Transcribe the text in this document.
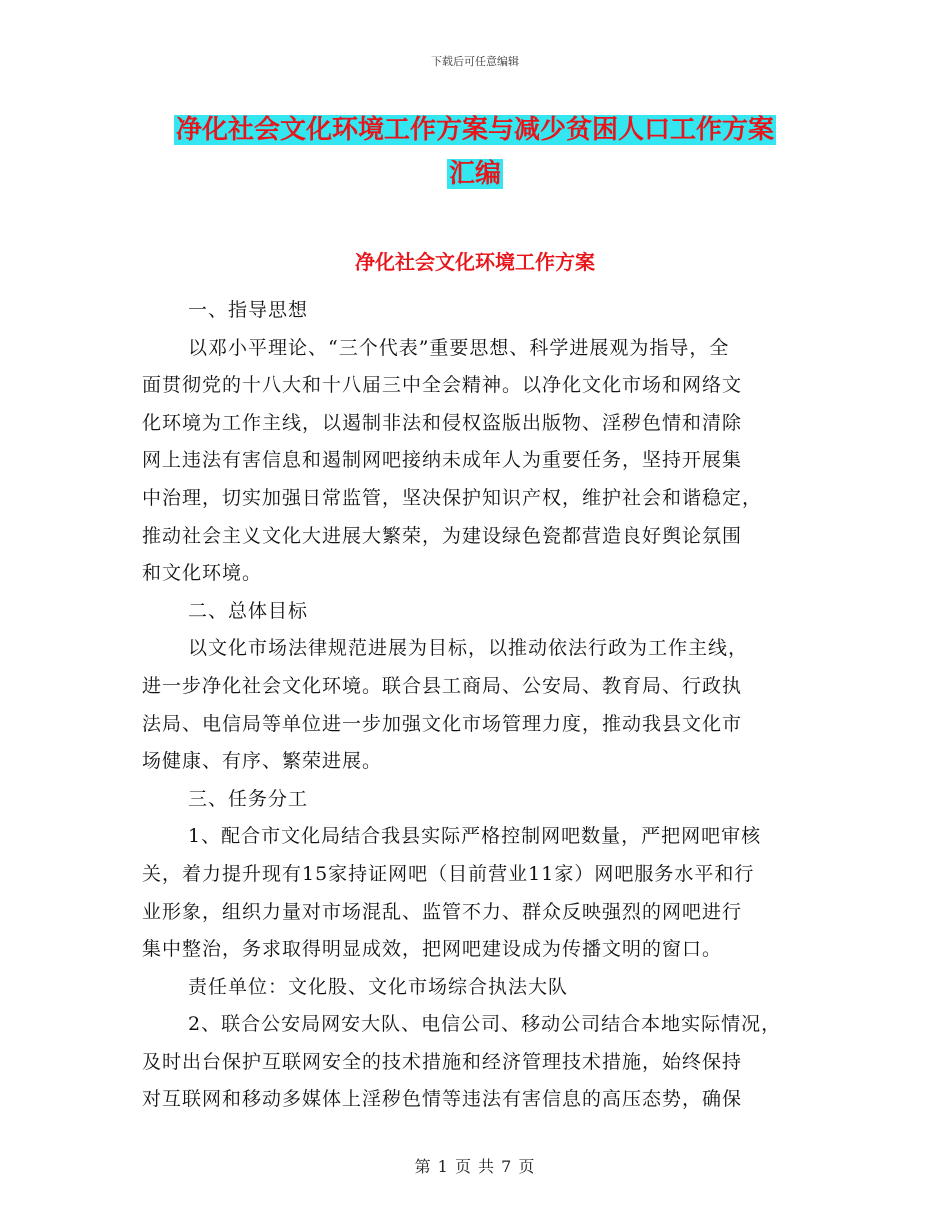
下载后可任意编辑
净化社会文化环境工作方案与减少贫困人口工作方案
汇编
净化社会文化环境工作方案
一、指导思想
以邓小平理论、“三个代表”重要思想、科学进展观为指导，全
面贯彻党的十八大和十八届三中全会精神。以净化文化市场和网络文
化环境为工作主线，以遏制非法和侵权盗版出版物、淫秽色情和清除
网上违法有害信息和遏制网吧接纳未成年人为重要任务，坚持开展集
中治理，切实加强日常监管，坚决保护知识产权，维护社会和谐稳定，
推动社会主义文化大进展大繁荣，为建设绿色瓷都营造良好舆论氛围
和文化环境。
二、总体目标
以文化市场法律规范进展为目标，以推动依法行政为工作主线，
进一步净化社会文化环境。联合县工商局、公安局、教育局、行政执
法局、电信局等单位进一步加强文化市场管理力度，推动我县文化市
场健康、有序、繁荣进展。
三、任务分工
1、配合市文化局结合我县实际严格控制网吧数量，严把网吧审核
关，着力提升现有15家持证网吧（目前营业11家）网吧服务水平和行
业形象，组织力量对市场混乱、监管不力、群众反映强烈的网吧进行
集中整治，务求取得明显成效，把网吧建设成为传播文明的窗口。
责任单位：文化股、文化市场综合执法大队
2、联合公安局网安大队、电信公司、移动公司结合本地实际情况，
及时出台保护互联网安全的技术措施和经济管理技术措施，始终保持
对互联网和移动多媒体上淫秽色情等违法有害信息的高压态势，确保
第 1 页 共 7 页
